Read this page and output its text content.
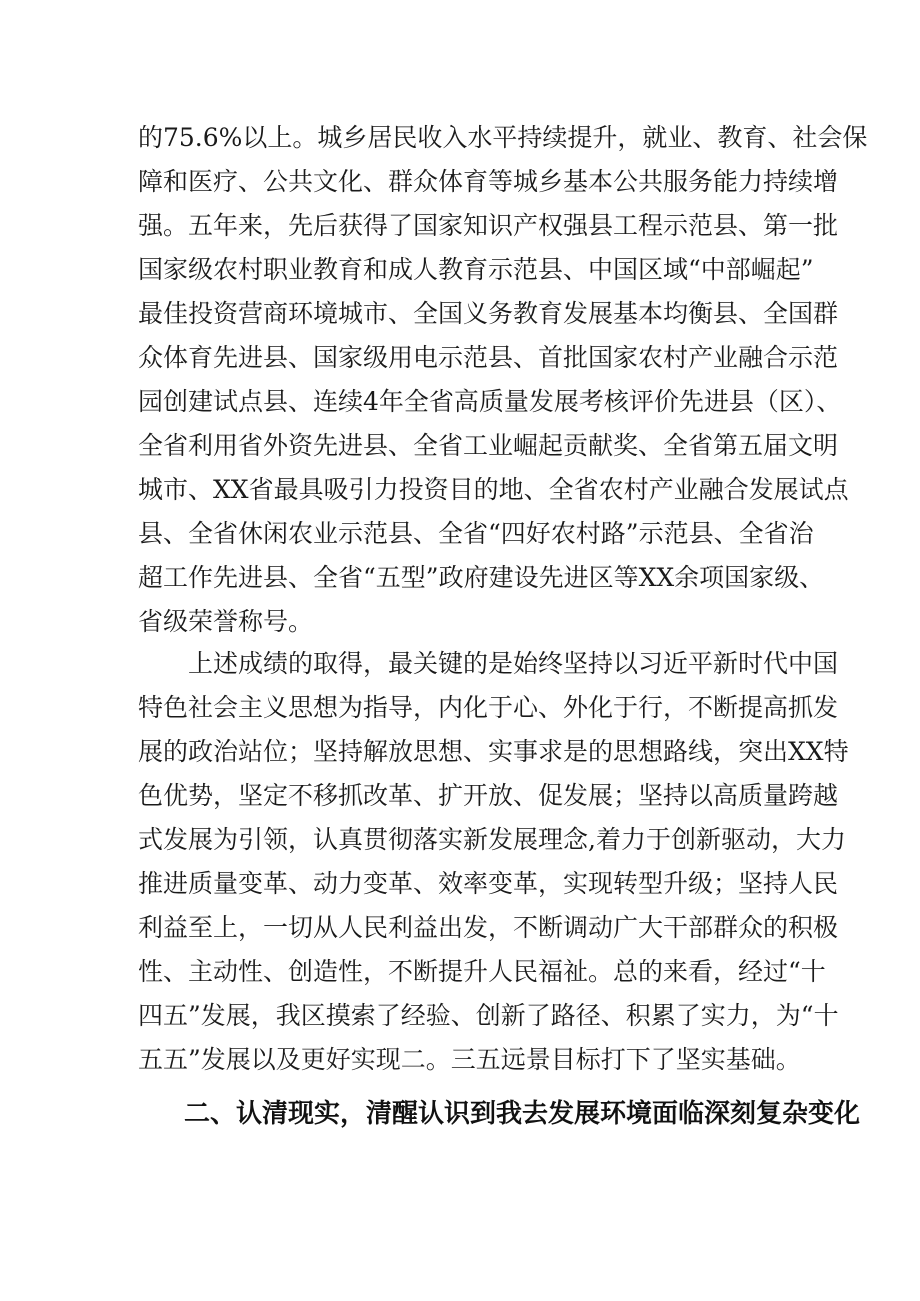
的75.6%以上。城乡居民收入水平持续提升，就业、教育、社会保

障和医疗、公共文化、群众体育等城乡基本公共服务能力持续增

强。五年来，先后获得了国家知识产权强县工程示范县、第一批

国家级农村职业教育和成人教育示范县、中国区域“中部崛起”

最佳投资营商环境城市、全国义务教育发展基本均衡县、全国群

众体育先进县、国家级用电示范县、首批国家农村产业融合示范

园创建试点县、连续4年全省高质量发展考核评价先进县（区）、

全省利用省外资先进县、全省工业崛起贡献奖、全省第五届文明

城市、XX省最具吸引力投资目的地、全省农村产业融合发展试点

县、全省休闲农业示范县、全省“四好农村路”示范县、全省治

超工作先进县、全省“五型”政府建设先进区等XX余项国家级、

省级荣誉称号。

上述成绩的取得，最关键的是始终坚持以习近平新时代中国

特色社会主义思想为指导，内化于心、外化于行，不断提高抓发

展的政治站位；坚持解放思想、实事求是的思想路线，突出XX特

色优势，坚定不移抓改革、扩开放、促发展；坚持以高质量跨越

式发展为引领，认真贯彻落实新发展理念,着力于创新驱动，大力

推进质量变革、动力变革、效率变革，实现转型升级；坚持人民

利益至上，一切从人民利益出发，不断调动广大干部群众的积极

性、主动性、创造性，不断提升人民福祉。总的来看，经过“十

四五”发展，我区摸索了经验、创新了路径、积累了实力，为“十

五五”发展以及更好实现二。三五远景目标打下了坚实基础。

二、认清现实，清醒认识到我去发展环境面临深刻复杂变化
